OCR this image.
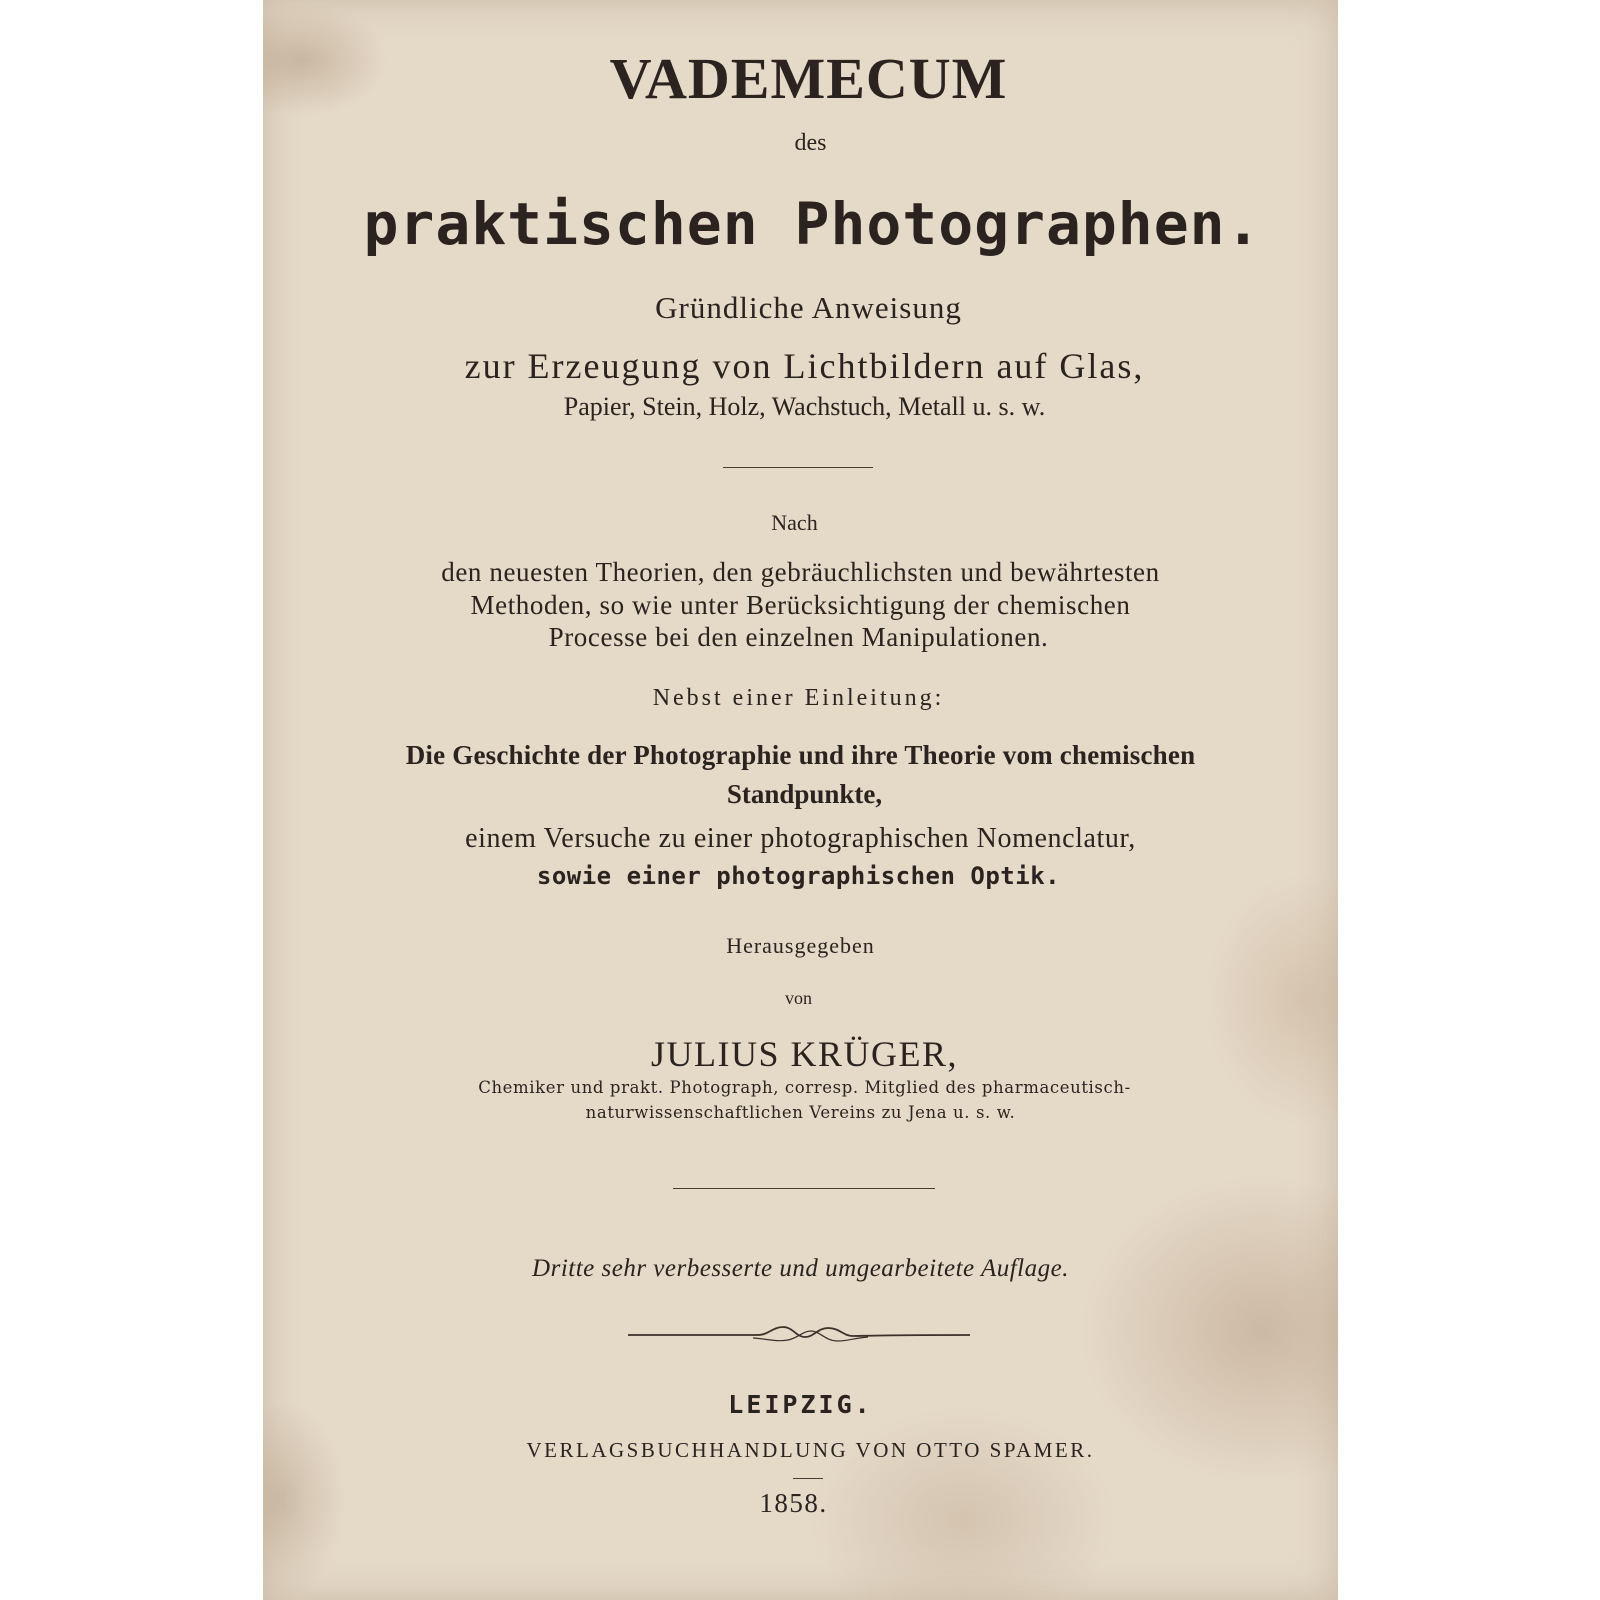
VADEMECUM
des
praktischen Photographen.
Gründliche Anweisung
zur Erzeugung von Lichtbildern auf Glas,
Papier, Stein, Holz, Wachstuch, Metall u. s. w.
Nach
den neuesten Theorien, den gebräuchlichsten und bewährtesten
Methoden, so wie unter Berücksichtigung der chemischen
Processe bei den einzelnen Manipulationen.
Nebst einer Einleitung:
Die Geschichte der Photographie und ihre Theorie vom chemischen
Standpunkte,
einem Versuche zu einer photographischen Nomenclatur,
sowie einer photographischen Optik.
Herausgegeben
von
JULIUS KRÜGER,
Chemiker und prakt. Photograph, corresp. Mitglied des pharmaceutisch-
naturwissenschaftlichen Vereins zu Jena u. s. w.
Dritte sehr verbesserte und umgearbeitete Auflage.
LEIPZIG.
VERLAGSBUCHHANDLUNG VON OTTO SPAMER.
1858.
